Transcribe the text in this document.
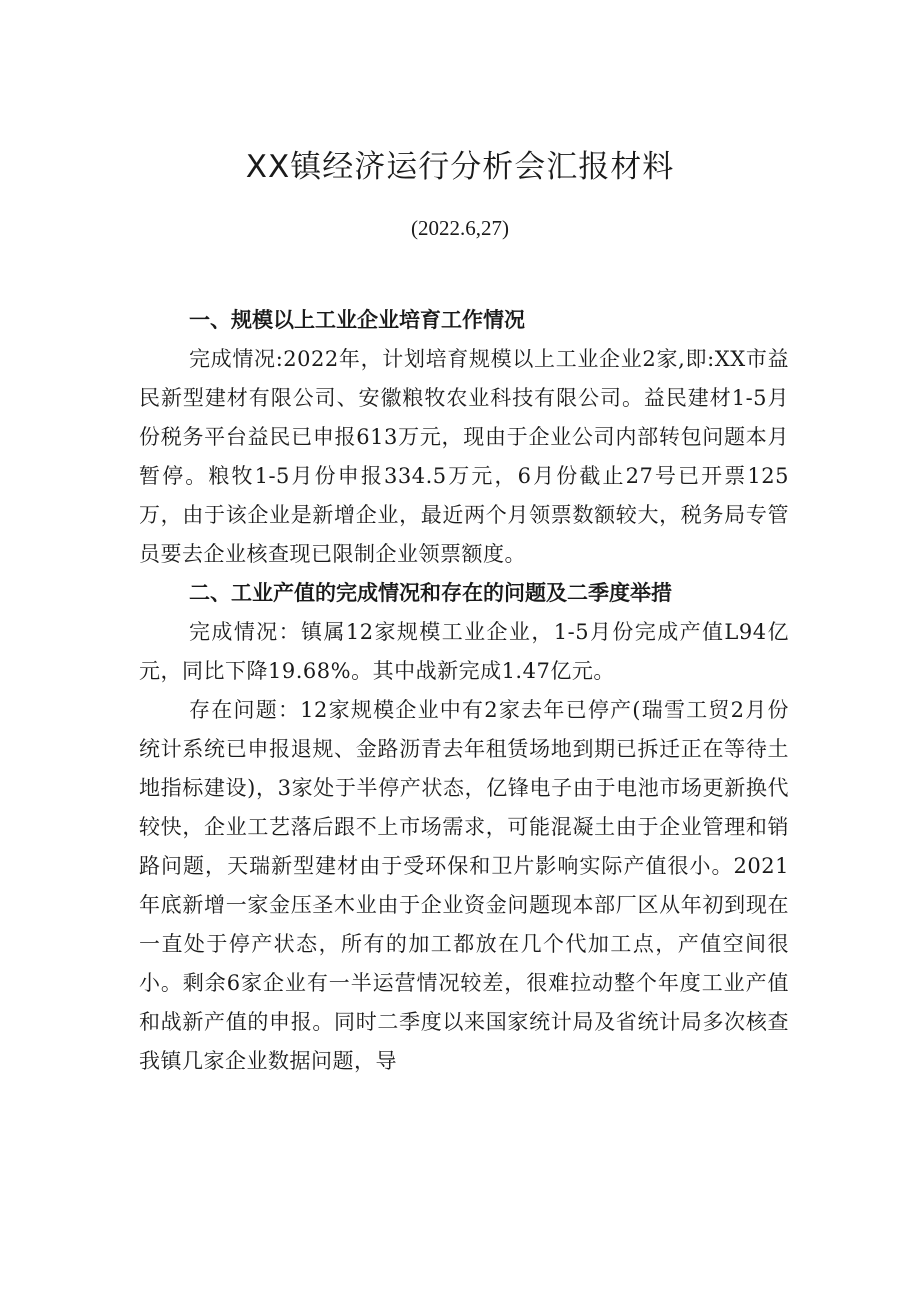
XX镇经济运行分析会汇报材料
(2022.6,27)
一、规模以上工业企业培育工作情况

完成情况:2022年，计划培育规模以上工业企业2家,即:XX市益民新型建材有限公司、安徽粮牧农业科技有限公司。益民建材1-5月份税务平台益民已申报613万元，现由于企业公司内部转包问题本月暂停。粮牧1-5月份申报334.5万元，6月份截止27号已开票125万，由于该企业是新增企业，最近两个月领票数额较大，税务局专管员要去企业核查现已限制企业领票额度。

二、工业产值的完成情况和存在的问题及二季度举措

完成情况：镇属12家规模工业企业，1-5月份完成产值L94亿元，同比下降19.68%。其中战新完成1.47亿元。

存在问题：12家规模企业中有2家去年已停产(瑞雪工贸2月份统计系统已申报退规、金路沥青去年租赁场地到期已拆迁正在等待土地指标建设)，3家处于半停产状态，亿锋电子由于电池市场更新换代较快，企业工艺落后跟不上市场需求，可能混凝土由于企业管理和销路问题，天瑞新型建材由于受环保和卫片影响实际产值很小。2021年底新增一家金压圣木业由于企业资金问题现本部厂区从年初到现在一直处于停产状态，所有的加工都放在几个代加工点，产值空间很小。剩余6家企业有一半运营情况较差，很难拉动整个年度工业产值和战新产值的申报。同时二季度以来国家统计局及省统计局多次核查我镇几家企业数据问题，导
